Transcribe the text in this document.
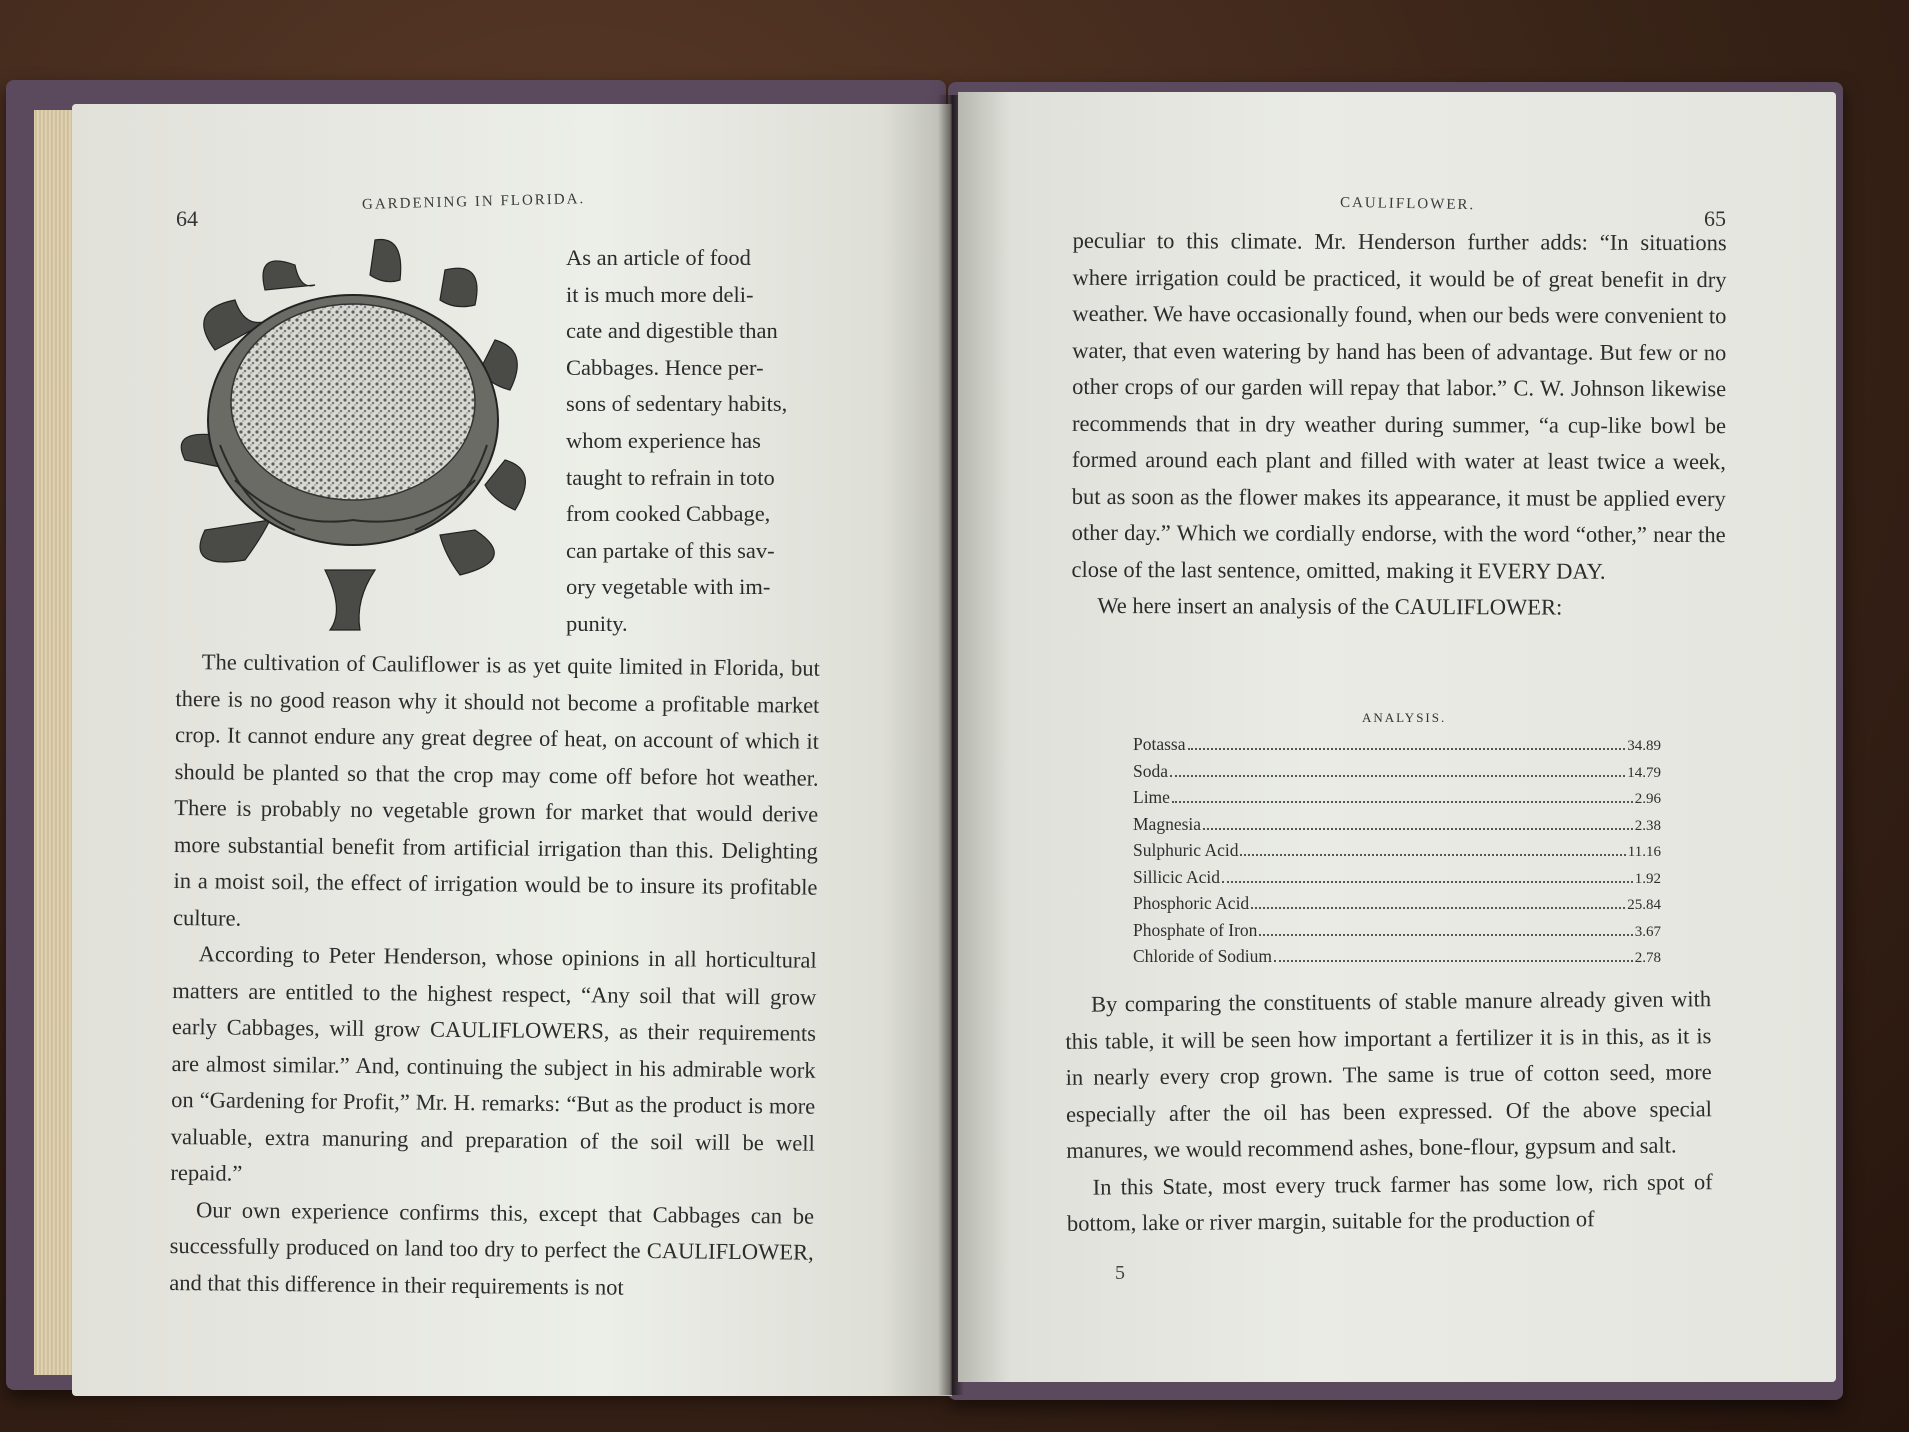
64
GARDENING IN FLORIDA.
As an article of food
it is much more deli-
cate and digestible than
Cabbages. Hence per-
sons of sedentary habits,
whom experience has
taught to refrain in toto
from cooked Cabbage,
can partake of this sav-
ory vegetable with im-
punity.

The cultivation of Cauliflower is as yet quite limited in Florida, but there is no good reason why it should not become a profitable market crop. It cannot endure any great degree of heat, on account of which it should be planted so that the crop may come off before hot weather. There is probably no vegetable grown for market that would derive more substantial benefit from artificial irrigation than this. Delighting in a moist soil, the effect of irrigation would be to insure its profitable culture.

According to Peter Henderson, whose opinions in all horticultural matters are entitled to the highest respect, “Any soil that will grow early Cabbages, will grow CAULIFLOWERS, as their requirements are almost similar.” And, continuing the subject in his admirable work on “Gardening for Profit,” Mr. H. remarks: “But as the product is more valuable, extra manuring and preparation of the soil will be well repaid.”

Our own experience confirms this, except that Cabbages can be successfully produced on land too dry to perfect the CAULIFLOWER, and that this difference in their requirements is not

CAULIFLOWER.
65

peculiar to this climate. Mr. Henderson further adds: “In situations where irrigation could be practiced, it would be of great benefit in dry weather. We have occasionally found, when our beds were convenient to water, that even watering by hand has been of advantage. But few or no other crops of our garden will repay that labor.” C. W. Johnson likewise recommends that in dry weather during summer, “a cup-like bowl be formed around each plant and filled with water at least twice a week, but as soon as the flower makes its appearance, it must be applied every other day.” Which we cordially endorse, with the word “other,” near the close of the last sentence, omitted, making it EVERY DAY.

We here insert an analysis of the CAULIFLOWER:

ANALYSIS.
Potassa	34.89
Soda	14.79
Lime	2.96
Magnesia	2.38
Sulphuric Acid	11.16
Sillicic Acid	1.92
Phosphoric Acid	25.84
Phosphate of Iron	3.67
Chloride of Sodium	2.78

By comparing the constituents of stable manure already given with this table, it will be seen how important a fertilizer it is in this, as it is in nearly every crop grown. The same is true of cotton seed, more especially after the oil has been expressed. Of the above special manures, we would recommend ashes, bone-flour, gypsum and salt.

In this State, most every truck farmer has some low, rich spot of bottom, lake or river margin, suitable for the production of

5
